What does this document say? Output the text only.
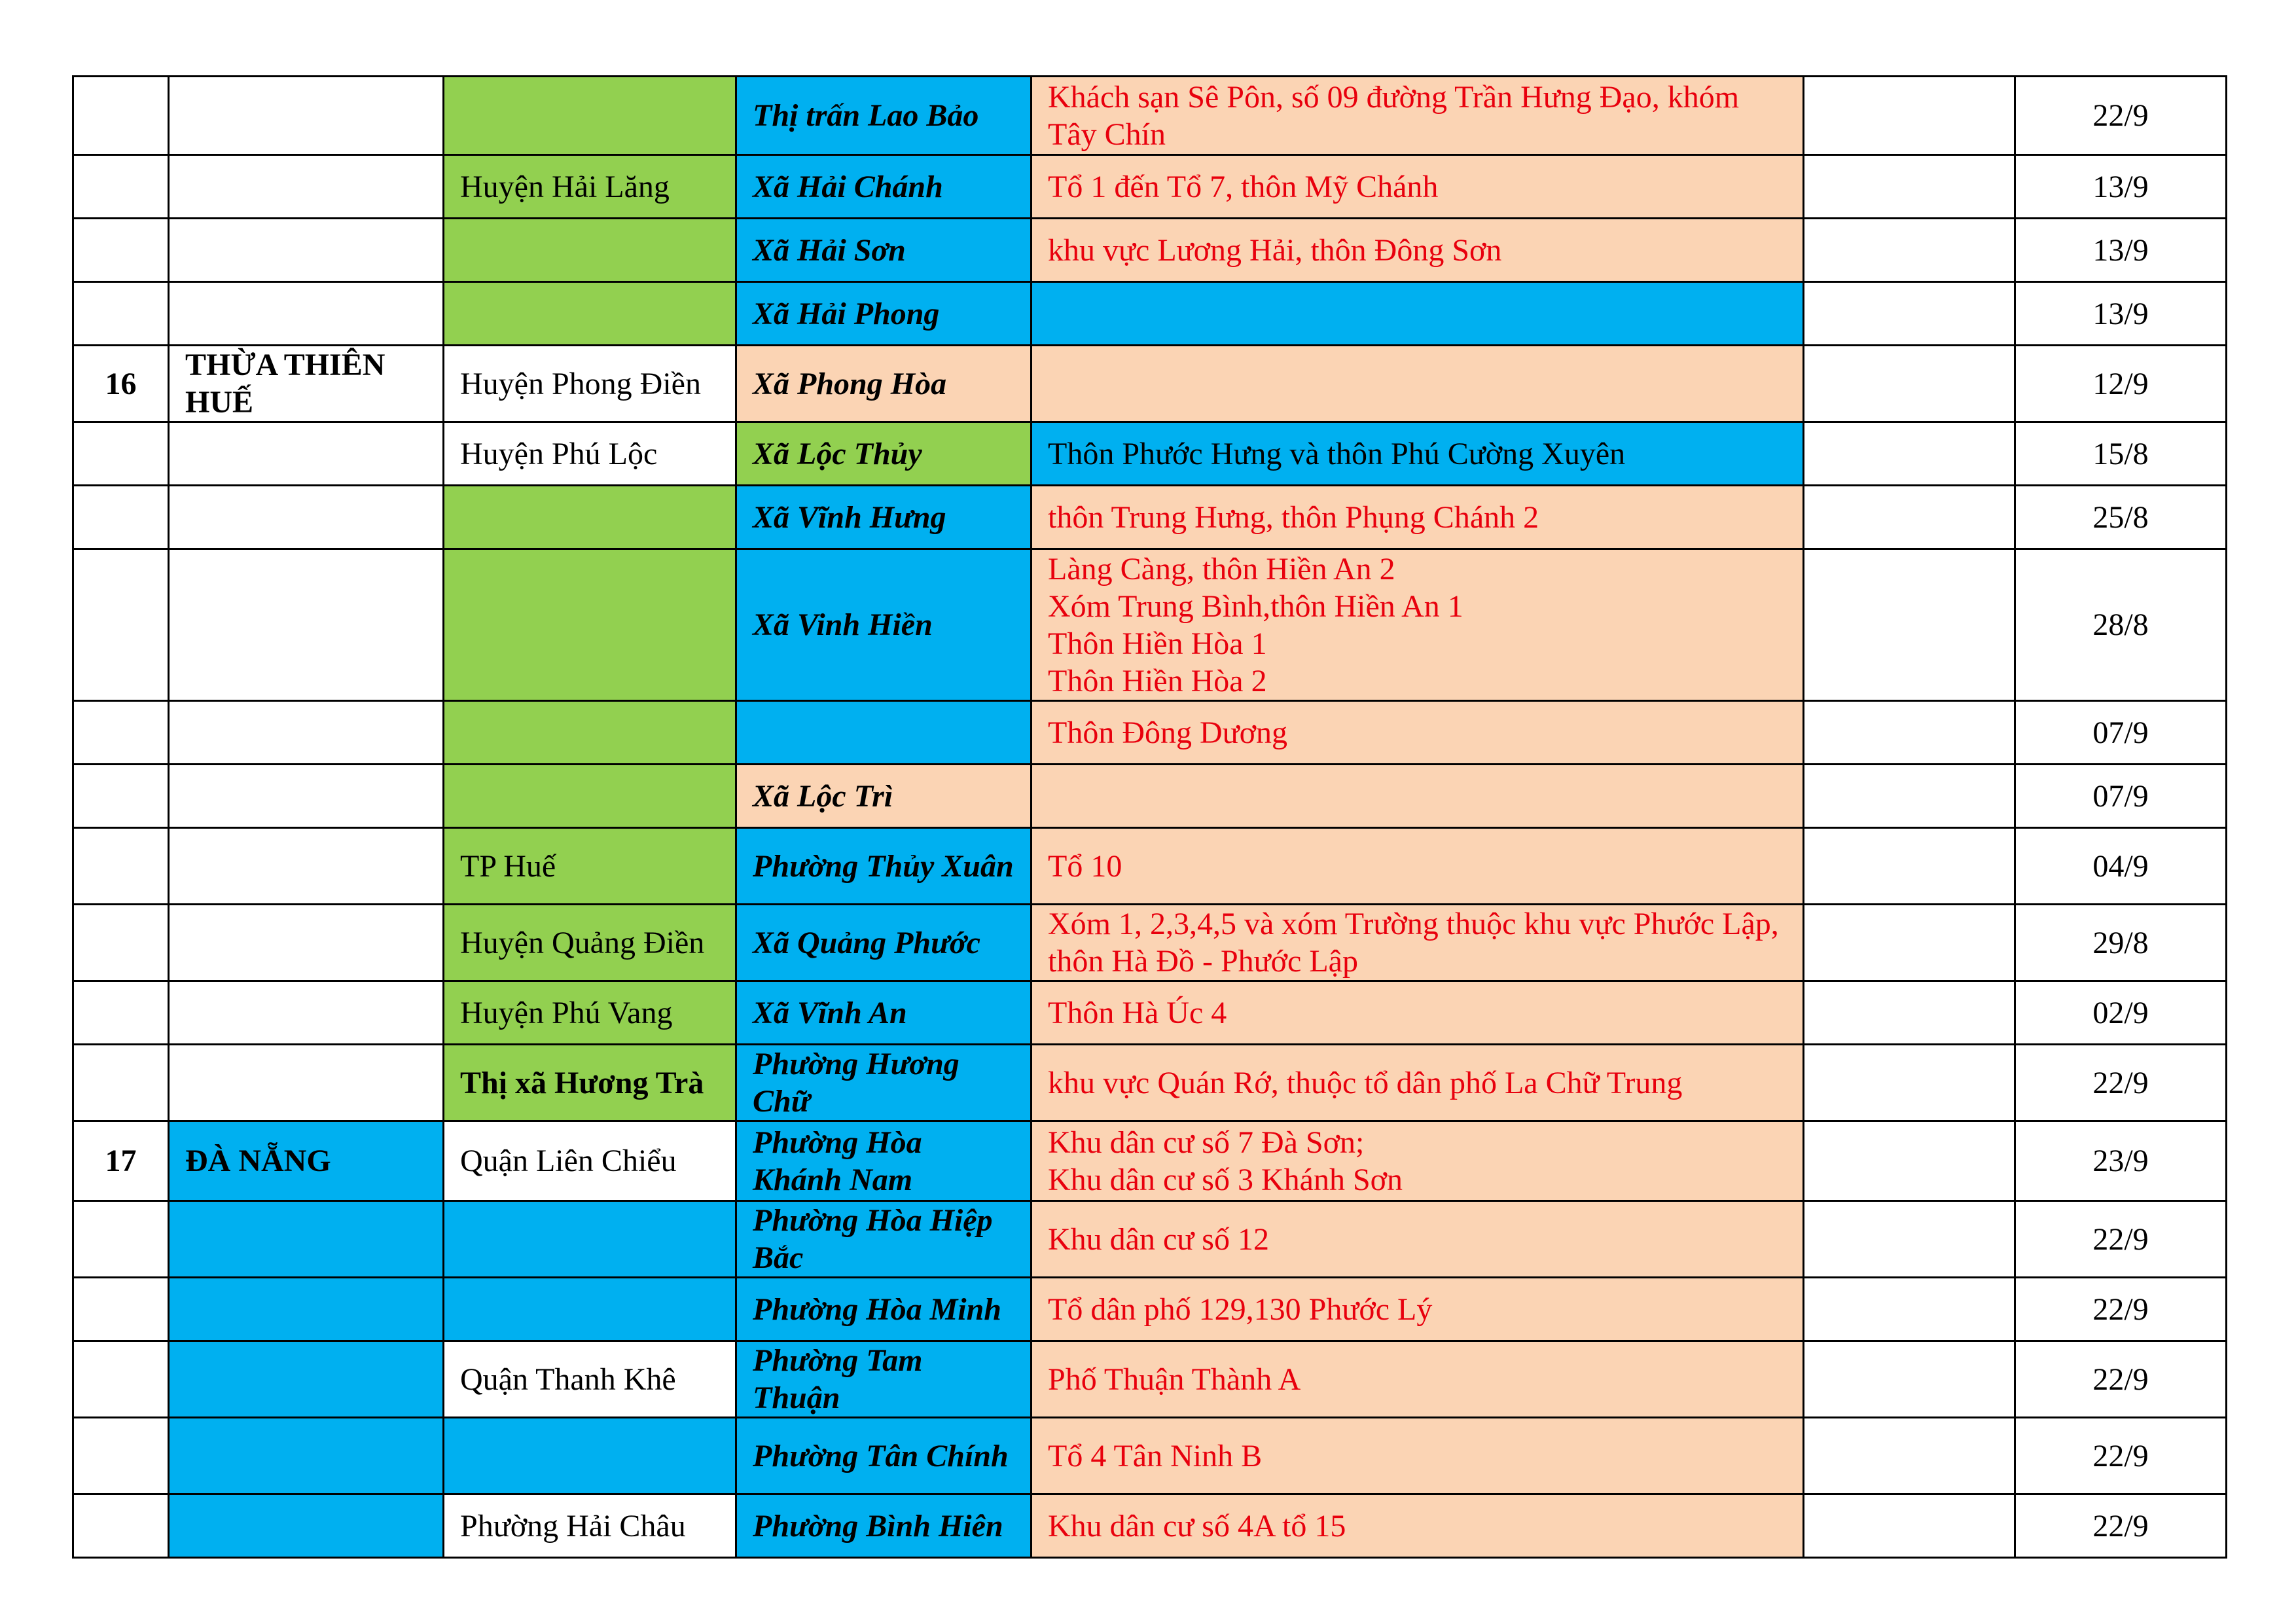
			Thị trấn Lao Bảo	Khách sạn Sê Pôn, số 09 đường Trần Hưng Đạo, khóm Tây Chín		22/9
		Huyện Hải Lăng	Xã Hải Chánh	Tổ 1 đến Tổ 7, thôn Mỹ Chánh		13/9
			Xã Hải Sơn	khu vực Lương Hải, thôn Đông Sơn		13/9
			Xã Hải Phong			13/9
16	THỪA THIÊN HUẾ	Huyện Phong Điền	Xã Phong Hòa			12/9
		Huyện Phú Lộc	Xã Lộc Thủy	Thôn Phước Hưng và thôn Phú Cường Xuyên		15/8
			Xã Vĩnh Hưng	thôn Trung Hưng, thôn Phụng Chánh 2		25/8
			Xã Vinh Hiền	Làng Càng, thôn Hiền An 2
Xóm Trung Bình,thôn Hiền An 1
Thôn Hiền Hòa 1
Thôn Hiền Hòa 2		28/8
				Thôn Đông Dương		07/9
			Xã Lộc Trì			07/9
		TP Huế	Phường Thủy Xuân	Tổ 10		04/9
		Huyện Quảng Điền	Xã Quảng Phước	Xóm 1, 2,3,4,5 và xóm Trường thuộc khu vực Phước Lập, thôn Hà Đồ - Phước Lập		29/8
		Huyện Phú Vang	Xã Vĩnh An	Thôn Hà Úc 4		02/9
		Thị xã Hương Trà	Phường Hương Chữ	khu vực Quán Rớ, thuộc tổ dân phố La Chữ Trung		22/9
17	ĐÀ NẴNG	Quận Liên Chiểu	Phường Hòa Khánh Nam	Khu dân cư số 7 Đà Sơn;
Khu dân cư số 3 Khánh Sơn		23/9
			Phường Hòa Hiệp Bắc	Khu dân cư số 12		22/9
			Phường Hòa Minh	Tổ dân phố 129,130 Phước Lý		22/9
		Quận Thanh Khê	Phường Tam Thuận	Phố Thuận Thành A		22/9
			Phường Tân Chính	Tổ 4 Tân Ninh B		22/9
		Phường Hải Châu	Phường Bình Hiên	Khu dân cư số 4A tổ 15		22/9
